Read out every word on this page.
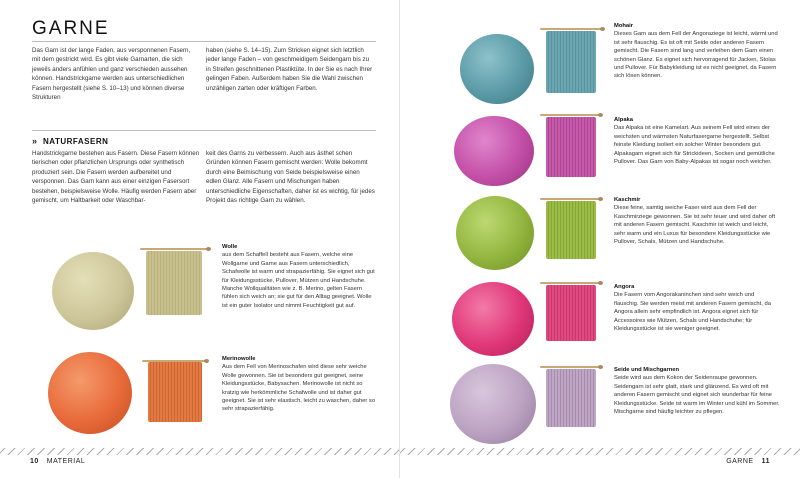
GARNE

Das Garn ist der lange Faden, aus versponnenen Fasern, mit dem gestrickt wird. Es gibt viele Garnarten, die sich jeweils anders anfühlen und ganz verschieden aussehen können. Handstrickgarne werden aus unterschiedlichen Fasern hergestellt (siehe S. 10–13) und können diverse Strukturen

haben (siehe S. 14–15). Zum Stricken eignet sich letztlich jeder lange Faden – von geschmeidigem Seidengarn bis zu in Streifen geschnittenen Plastiktüte. In der Sie es nach Ihrer gelingen Faben. Außerdem haben Sie die Wahl zwischen unzähligen zarten oder kräftigen Farben.

» NATURFASERN

Handstrickgarne bestehen aus Fasern. Diese Fasern können tierischen oder pflanzlichen Ursprungs oder synthetisch produziert sein. Die Fasern werden aufbereitet und versponnen. Das Garn kann aus einer einzigen Fasersort bestehen, beispielsweise Wolle. Häufig werden Fasern aber gemischt, um Haltbarkeit oder Waschbar-

keit des Garns zu verbessern. Auch aus ästhet schen Gründen können Fasern gemischt werden: Wolle bekommt durch eine Beimischung von Seide beispielsweise einen edlen Glanz. Alle Fasern und Mischungen haben unterschiedliche Eigenschaften, daher ist es wichtig, für jedes Projekt das richtige Garn zu wählen.

Wolle
aus dem Schaffell besteht aus Fasern, welche eine Wollgarne und Garne aus Fasern unterschiedlich, Schafwolle ist warm und strapazierfähig. Sie eignet sich gut für Kleidungsstücke, Pullover, Mützen und Handschuhe. Manche Wollqualitäten wie z. B. Merino, gelten Fasern fühlen sich weich an; sie gut für den Alltag geeignet. Wolle ist ein guter Isolator und nimmt Feuchtigkeit gut auf.
Merinowolle
Aus dem Fell von Merinoschafen wird diese sehr weiche Wolle gewonnen. Sie ist besonders gut geeignet, seine Kleidungsstücke, Babysachen. Merinowolle ist nicht so kratzig wie herkömmliche Schafwolle und ist daher gut geeignet. Sie ist sehr elastisch, leicht zu waschen, daher so sehr strapazierfähig.
10 MATERIAL
Mohair
Dieses Garn aus dem Fell der Angoraziege ist leicht, wärmt und ist sehr flauschig. Es ist oft mit Seide oder anderen Fasern gemischt. Die Fasern sind lang und verleihen dem Garn einen schönen Glanz. Es eignet sich hervorragend für Jacken, Stolas und Pullover. Für Babykleidung ist es nicht geeignet, da Fasern sich lösen können.
Alpaka
Das Alpaka ist eine Kamelart. Aus seinem Fell wird eines der weichsten und wärmsten Naturfasergarne hergestellt. Selbst feinste Kleidung isoliert ein solcher Winter besonders gut. Alpakagarn eignet sich für Strickideen, Socken und gemütliche Pullover. Das Garn von Baby-Alpakas ist sogar noch weicher.
Kaschmir
Diese feine, samtig weiche Faser wird aus dem Fell der Kaschmirziege gewonnen. Sie ist sehr teuer und wird daher oft mit anderen Fasern gemischt. Kaschmir ist weich und leicht, sehr warm und ein Luxus für besondere Kleidungsstücke wie Pullover, Schals, Mützen und Handschuhe.
Angora
Die Fasern vom Angorakaninchen sind sehr weich und flauschig. Sie werden meist mit anderen Fasern gemischt, da Angora allein sehr empfindlich ist. Angora eignet sich für Accessoires wie Mützen, Schals und Handschuhe; für Kleidungsstücke ist sie weniger geeignet.
Seide und Mischgarnen
Seide wird aus dem Kokon der Seidenraupe gewonnen. Seidengarn ist sehr glatt, stark und glänzend. Es wird oft mit anderen Fasern gemischt und eignet sich wunderbar für feine Kleidungsstücke. Seide ist warm im Winter und kühl im Sommer. Mischgarne sind häufig leichter zu pflegen.
GARNE 11
